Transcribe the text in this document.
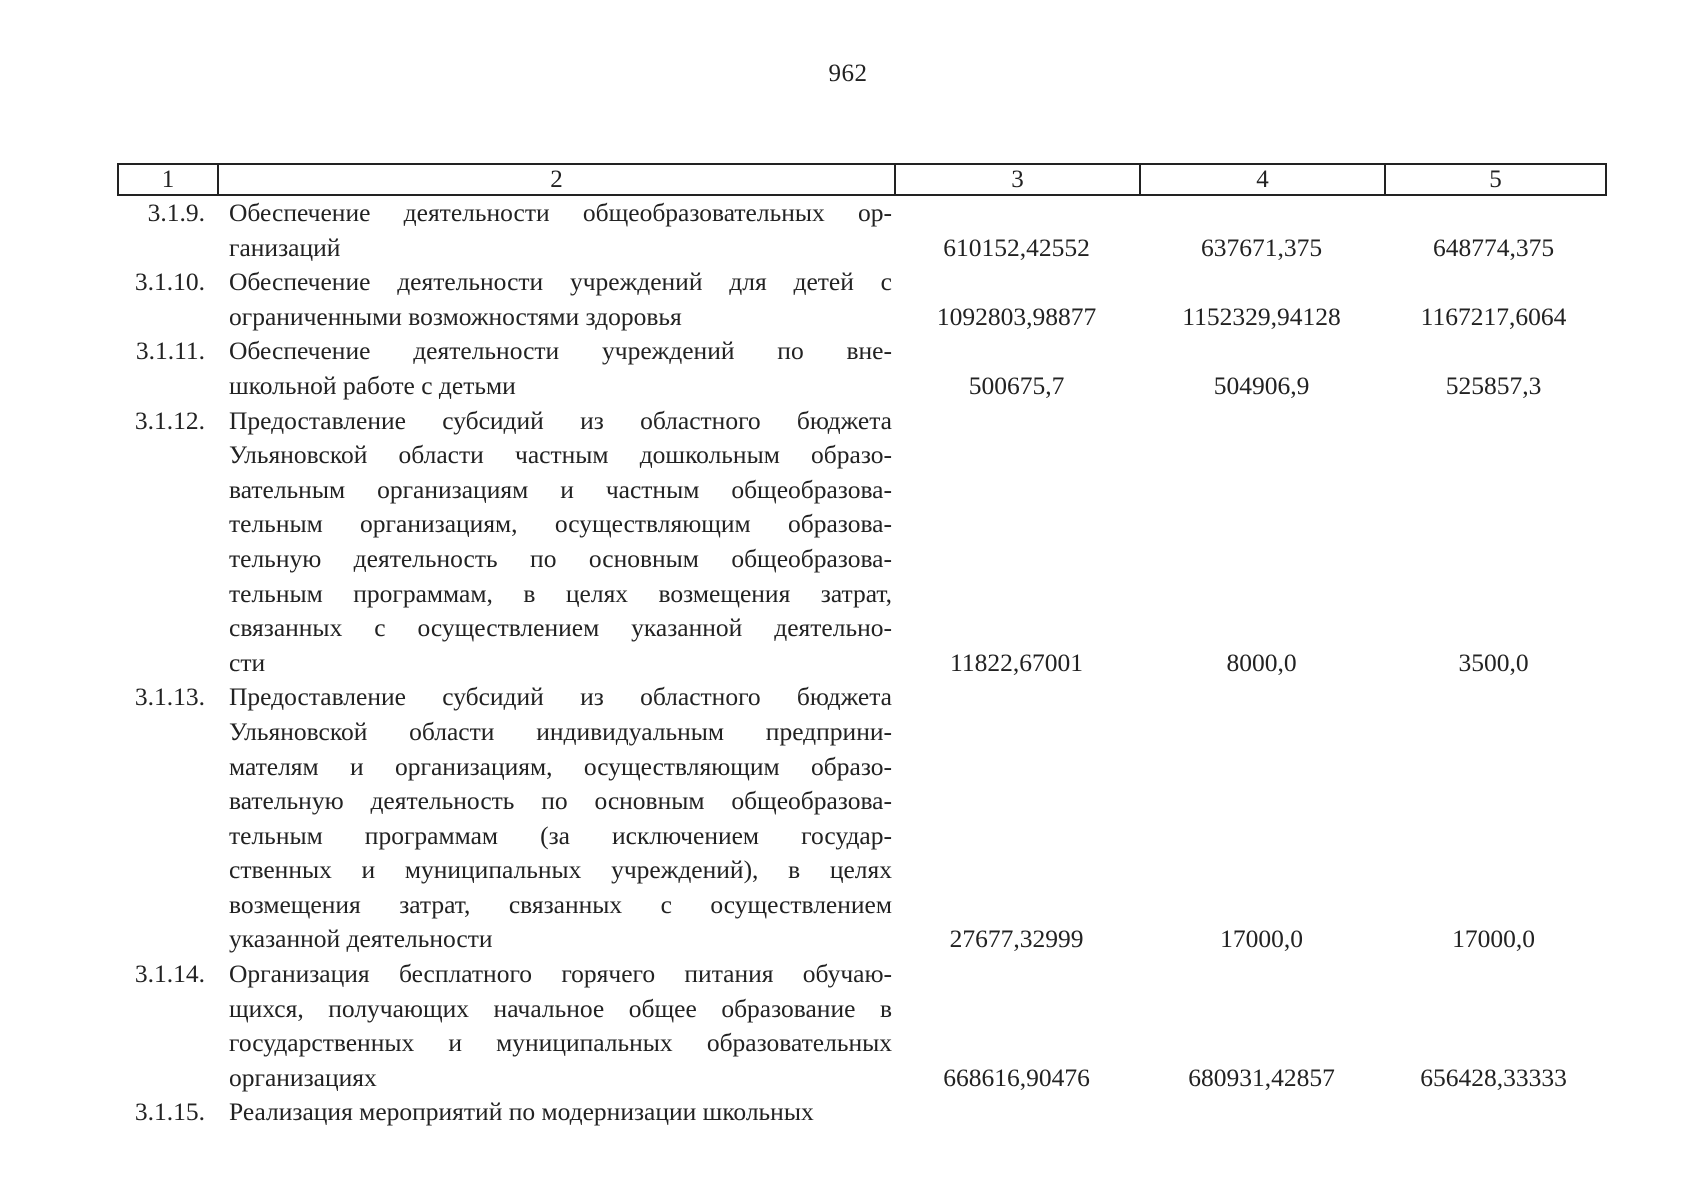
962
1	2	3	4	5
3.1.9. Обеспечение деятельности общеобразовательных ор-
ганизаций	610152,42552	637671,375	648774,375
3.1.10. Обеспечение деятельности учреждений для детей с
ограниченными возможностями здоровья	1092803,98877	1152329,94128	1167217,6064
3.1.11. Обеспечение деятельности учреждений по вне-
школьной работе с детьми	500675,7	504906,9	525857,3
3.1.12. Предоставление субсидий из областного бюджета
Ульяновской области частным дошкольным образо-
вательным организациям и частным общеобразова-
тельным организациям, осуществляющим образова-
тельную деятельность по основным общеобразова-
тельным программам, в целях возмещения затрат,
связанных с осуществлением указанной деятельно-
сти	11822,67001	8000,0	3500,0
3.1.13. Предоставление субсидий из областного бюджета
Ульяновской области индивидуальным предприни-
мателям и организациям, осуществляющим образо-
вательную деятельность по основным общеобразова-
тельным программам (за исключением государ-
ственных и муниципальных учреждений), в целях
возмещения затрат, связанных с осуществлением
указанной деятельности	27677,32999	17000,0	17000,0
3.1.14. Организация бесплатного горячего питания обучаю-
щихся, получающих начальное общее образование в
государственных и муниципальных образовательных
организациях	668616,90476	680931,42857	656428,33333
3.1.15. Реализация мероприятий по модернизации школьных
